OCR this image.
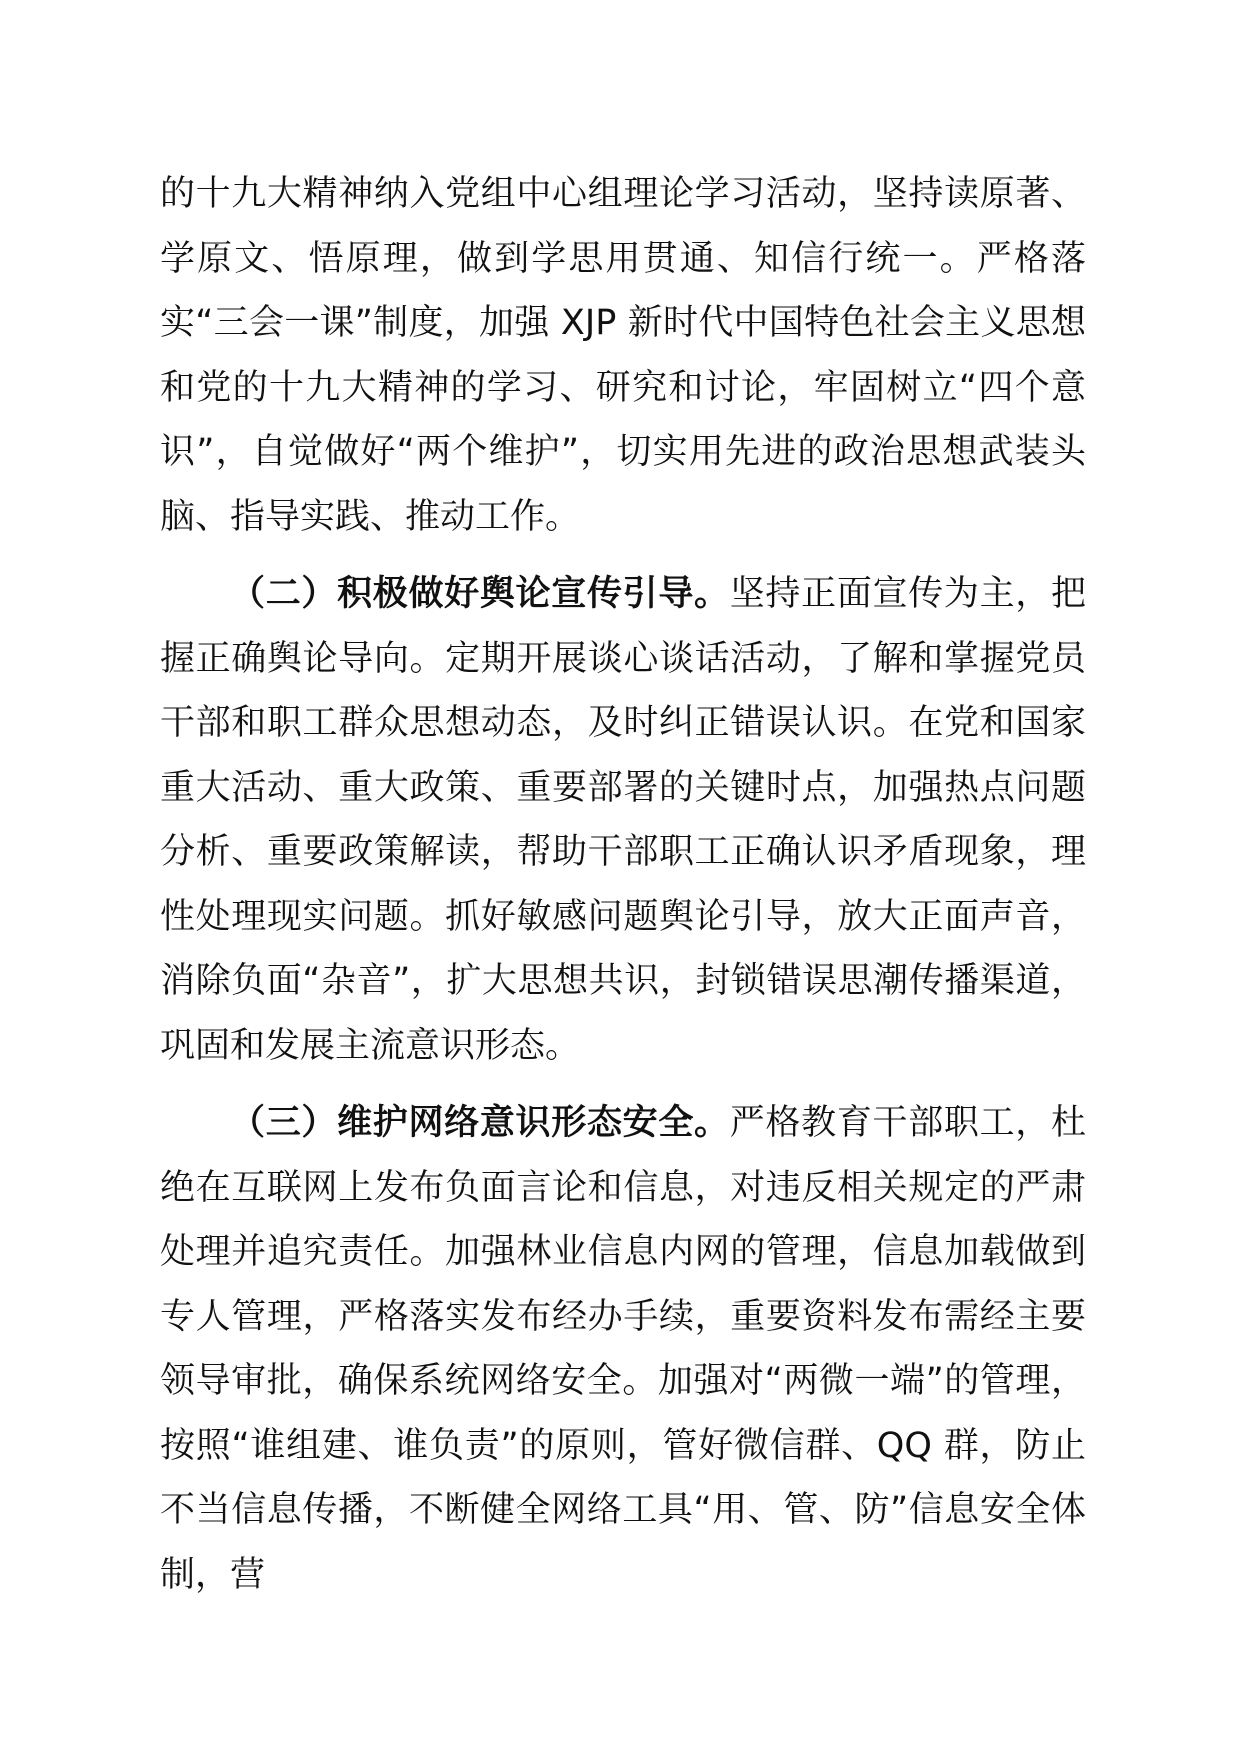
的十九大精神纳入党组中心组理论学习活动，坚持读原著、学原文、悟原理，做到学思用贯通、知信行统一。严格落实“三会一课”制度，加强 XJP 新时代中国特色社会主义思想和党的十九大精神的学习、研究和讨论，牢固树立“四个意识”，自觉做好“两个维护”，切实用先进的政治思想武装头脑、指导实践、推动工作。

（二）积极做好舆论宣传引导。坚持正面宣传为主，把握正确舆论导向。定期开展谈心谈话活动，了解和掌握党员干部和职工群众思想动态，及时纠正错误认识。在党和国家重大活动、重大政策、重要部署的关键时点，加强热点问题分析、重要政策解读，帮助干部职工正确认识矛盾现象，理性处理现实问题。抓好敏感问题舆论引导，放大正面声音，消除负面“杂音”，扩大思想共识，封锁错误思潮传播渠道，巩固和发展主流意识形态。

（三）维护网络意识形态安全。严格教育干部职工，杜绝在互联网上发布负面言论和信息，对违反相关规定的严肃处理并追究责任。加强林业信息内网的管理，信息加载做到专人管理，严格落实发布经办手续，重要资料发布需经主要领导审批，确保系统网络安全。加强对“两微一端”的管理，按照“谁组建、谁负责”的原则，管好微信群、QQ 群，防止不当信息传播，不断健全网络工具“用、管、防”信息安全体制，营
